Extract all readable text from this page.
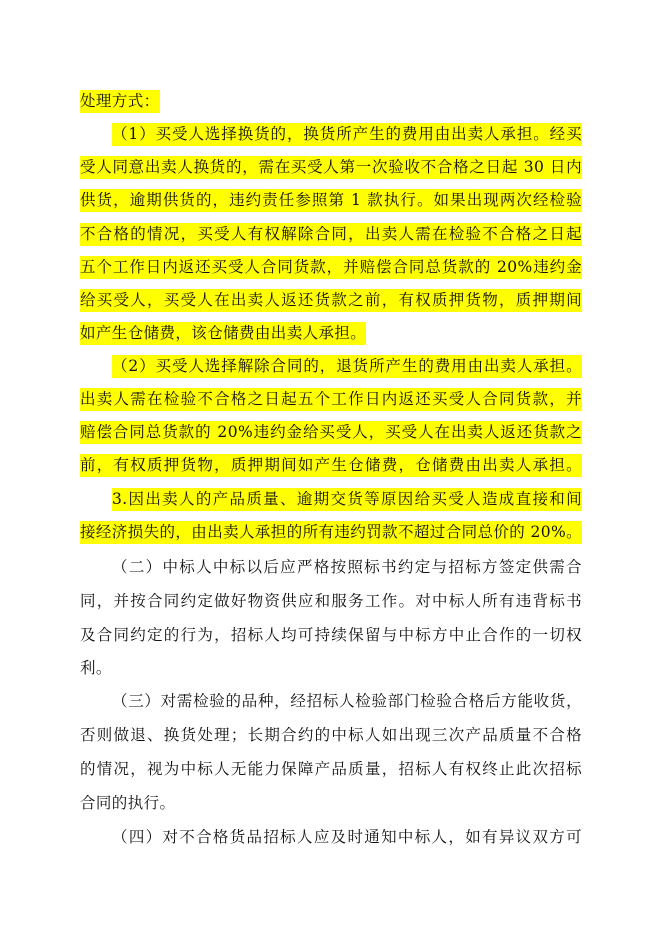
处理方式：
（1）买受人选择换货的，换货所产生的费用由出卖人承担。经买
受人同意出卖人换货的，需在买受人第一次验收不合格之日起 30 日内
供货，逾期供货的，违约责任参照第 1 款执行。如果出现两次经检验
不合格的情况，买受人有权解除合同，出卖人需在检验不合格之日起
五个工作日内返还买受人合同货款，并赔偿合同总货款的 20%违约金
给买受人，买受人在出卖人返还货款之前，有权质押货物，质押期间
如产生仓储费，该仓储费由出卖人承担。
（2）买受人选择解除合同的，退货所产生的费用由出卖人承担。
出卖人需在检验不合格之日起五个工作日内返还买受人合同货款，并
赔偿合同总货款的 20%违约金给买受人，买受人在出卖人返还货款之
前，有权质押货物，质押期间如产生仓储费，仓储费由出卖人承担。
3.因出卖人的产品质量、逾期交货等原因给买受人造成直接和间
接经济损失的，由出卖人承担的所有违约罚款不超过合同总价的 20%。
（二）中标人中标以后应严格按照标书约定与招标方签定供需合
同，并按合同约定做好物资供应和服务工作。对中标人所有违背标书
及合同约定的行为，招标人均可持续保留与中标方中止合作的一切权
利。
（三）对需检验的品种，经招标人检验部门检验合格后方能收货，
否则做退、换货处理；长期合约的中标人如出现三次产品质量不合格
的情况，视为中标人无能力保障产品质量，招标人有权终止此次招标
合同的执行。
（四）对不合格货品招标人应及时通知中标人，如有异议双方可
